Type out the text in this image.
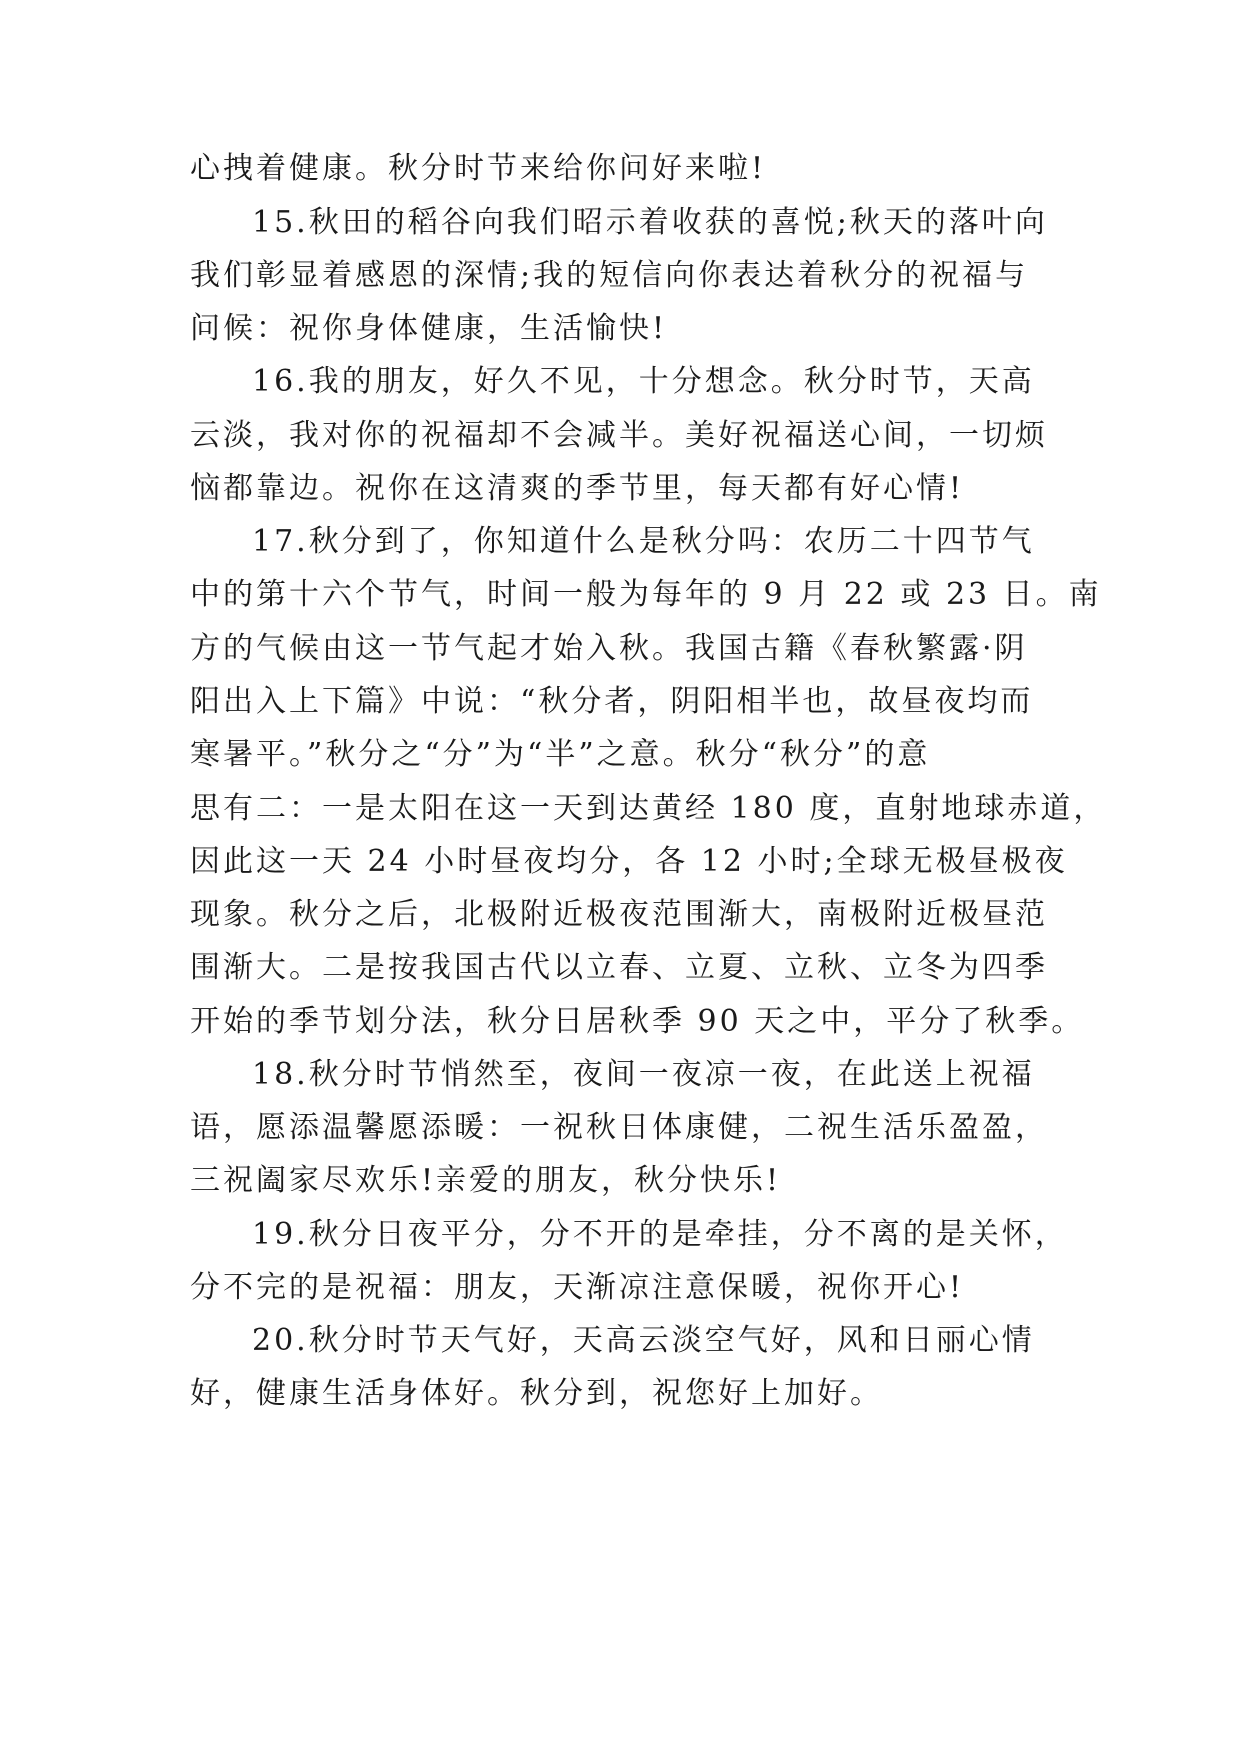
心拽着健康。秋分时节来给你问好来啦!
15.秋田的稻谷向我们昭示着收获的喜悦;秋天的落叶向
我们彰显着感恩的深情;我的短信向你表达着秋分的祝福与
问候：祝你身体健康，生活愉快!
16.我的朋友，好久不见，十分想念。秋分时节，天高
云淡，我对你的祝福却不会减半。美好祝福送心间，一切烦
恼都靠边。祝你在这清爽的季节里，每天都有好心情!
17.秋分到了，你知道什么是秋分吗：农历二十四节气
中的第十六个节气，时间一般为每年的 9 月 22 或 23 日。南
方的气候由这一节气起才始入秋。我国古籍《春秋繁露·阴
阳出入上下篇》中说：“秋分者，阴阳相半也，故昼夜均而
寒暑平。”秋分之“分”为“半”之意。秋分“秋分”的意
思有二：一是太阳在这一天到达黄经 180 度，直射地球赤道，
因此这一天 24 小时昼夜均分，各 12 小时;全球无极昼极夜
现象。秋分之后，北极附近极夜范围渐大，南极附近极昼范
围渐大。二是按我国古代以立春、立夏、立秋、立冬为四季
开始的季节划分法，秋分日居秋季 90 天之中，平分了秋季。
18.秋分时节悄然至，夜间一夜凉一夜，在此送上祝福
语，愿添温馨愿添暖：一祝秋日体康健，二祝生活乐盈盈，
三祝阖家尽欢乐!亲爱的朋友，秋分快乐!
19.秋分日夜平分，分不开的是牵挂，分不离的是关怀，
分不完的是祝福：朋友，天渐凉注意保暖，祝你开心!
20.秋分时节天气好，天高云淡空气好，风和日丽心情
好，健康生活身体好。秋分到，祝您好上加好。
